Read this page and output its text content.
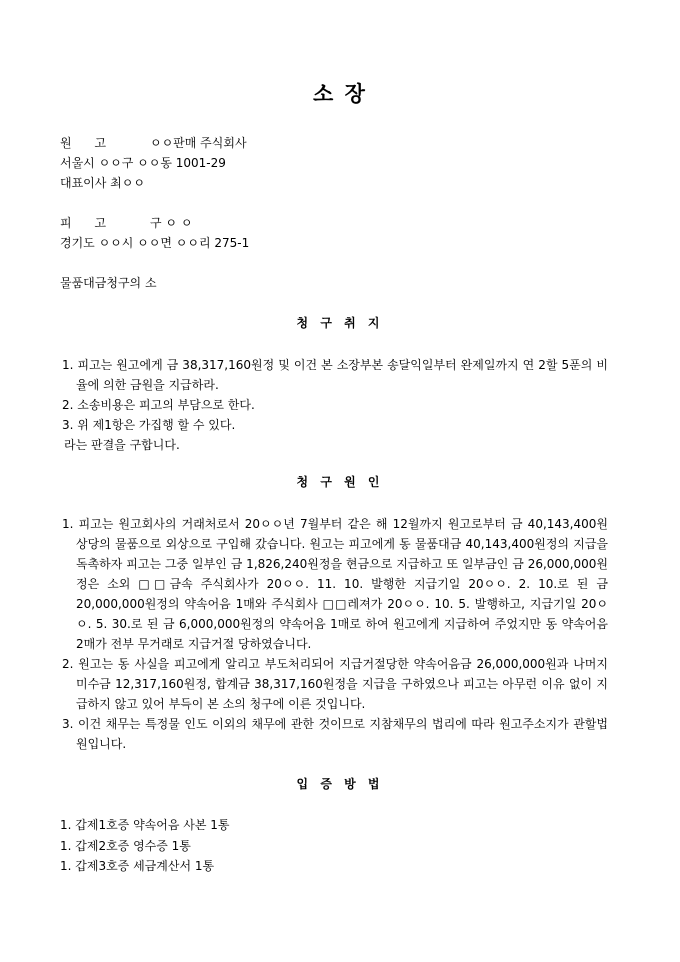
소 장
원      고	ㅇㅇ판매 주식회사
서울시 ㅇㅇ구 ㅇㅇ동 1001-29
대표이사 최ㅇㅇ
피      고	구 ㅇ ㅇ
경기도 ㅇㅇ시 ㅇㅇ면 ㅇㅇ리 275-1
물품대금청구의 소
청 구 취 지
1. 피고는 원고에게 금 38,317,160원정 및 이건 본 소장부본 송달익일부터 완제일까지 연 2할 5푼의 비율에 의한 금원을 지급하라.
2. 소송비용은 피고의 부담으로 한다.
3. 위 제1항은 가집행 할 수 있다.
라는 판결을 구합니다.
청 구 원 인
1. 피고는 원고회사의 거래처로서 20ㅇㅇ년 7월부터 같은 해 12월까지 원고로부터 금 40,143,400원 상당의 물품으로 외상으로 구입해 갔습니다. 원고는 피고에게 동 물품대금 40,143,400원정의 지급을 독촉하자 피고는 그중 일부인 금 1,826,240원정을 현금으로 지급하고 또 일부금인 금 26,000,000원정은 소외 □□금속 주식회사가 20ㅇㅇ. 11. 10. 발행한 지급기일 20ㅇㅇ. 2. 10.로 된 금 20,000,000원정의 약속어음 1매와 주식회사 □□레져가 20ㅇㅇ. 10. 5. 발행하고, 지급기일 20ㅇㅇ. 5. 30.로 된 금 6,000,000원정의 약속어음 1매로 하여 원고에게 지급하여 주었지만 동 약속어음 2매가 전부 무거래로 지급거절 당하였습니다.
2. 원고는 동 사실을 피고에게 알리고 부도처리되어 지급거절당한 약속어음금 26,000,000원과 나머지 미수금 12,317,160원정, 합계금 38,317,160원정을 지급을 구하였으나 피고는 아무런 이유 없이 지급하지 않고 있어 부득이 본 소의 청구에 이른 것입니다.
3. 이건 채무는 특정물 인도 이외의 채무에 관한 것이므로 지참채무의 법리에 따라 원고주소지가 관할법원입니다.
입 증 방 법
1. 갑제1호증 약속어음 사본 1통
1. 갑제2호증 영수증 1통
1. 갑제3호증 세금계산서 1통
